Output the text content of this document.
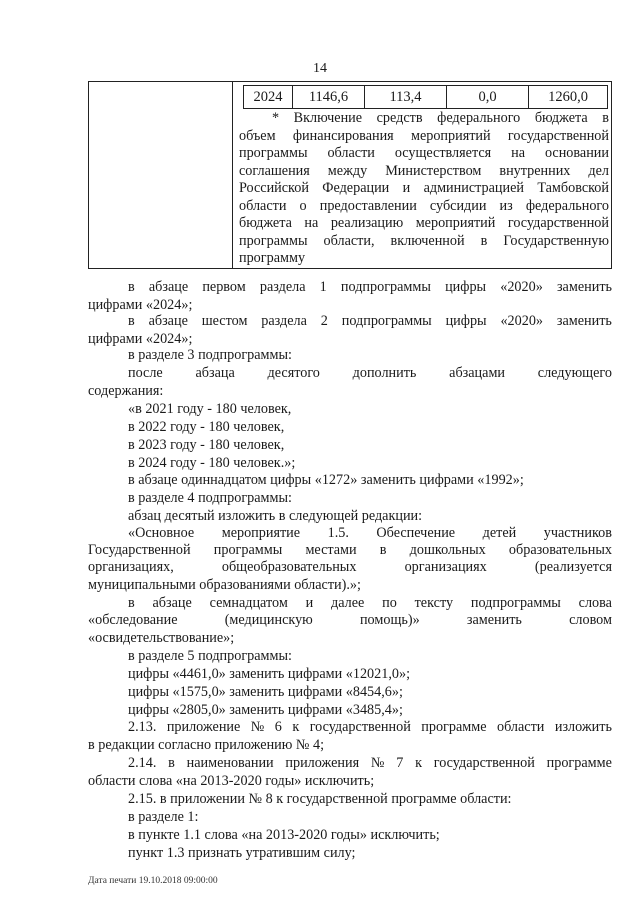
14
2024	1146,6	113,4	0,0	1260,0
* Включение средств федерального бюджета в
объем финансирования мероприятий государственной
программы области осуществляется на основании
соглашения между Министерством внутренних дел
Российской Федерации и администрацией Тамбовской
области о предоставлении субсидии из федерального
бюджета на реализацию мероприятий государственной
программы области, включенной в Государственную
программу
в абзаце первом раздела 1 подпрограммы цифры «2020» заменить
цифрами «2024»;
в абзаце шестом раздела 2 подпрограммы цифры «2020» заменить
цифрами «2024»;
в разделе 3 подпрограммы:
после абзаца десятого дополнить абзацами следующего
содержания:
«в 2021 году - 180 человек,
в 2022 году - 180 человек,
в 2023 году - 180 человек,
в 2024 году - 180 человек.»;
в абзаце одиннадцатом цифры «1272» заменить цифрами «1992»;
в разделе 4 подпрограммы:
абзац десятый изложить в следующей редакции:
«Основное мероприятие 1.5. Обеспечение детей участников
Государственной программы местами в дошкольных образовательных
организациях,	общеобразовательных	организациях	(реализуется
муниципальными образованиями области).»;
в абзаце семнадцатом и далее по тексту подпрограммы слова
«обследование	(медицинскую	помощь)»	заменить	словом
«освидетельствование»;
в разделе 5 подпрограммы:
цифры «4461,0» заменить цифрами «12021,0»;
цифры «1575,0» заменить цифрами «8454,6»;
цифры «2805,0» заменить цифрами «3485,4»;
2.13. приложение № 6 к государственной программе области изложить
в редакции согласно приложению № 4;
2.14. в наименовании приложения № 7 к государственной программе
области слова «на 2013-2020 годы» исключить;
2.15. в приложении № 8 к государственной программе области:
в разделе 1:
в пункте 1.1 слова «на 2013-2020 годы» исключить;
пункт 1.3 признать утратившим силу;
Дата печати 19.10.2018 09:00:00
